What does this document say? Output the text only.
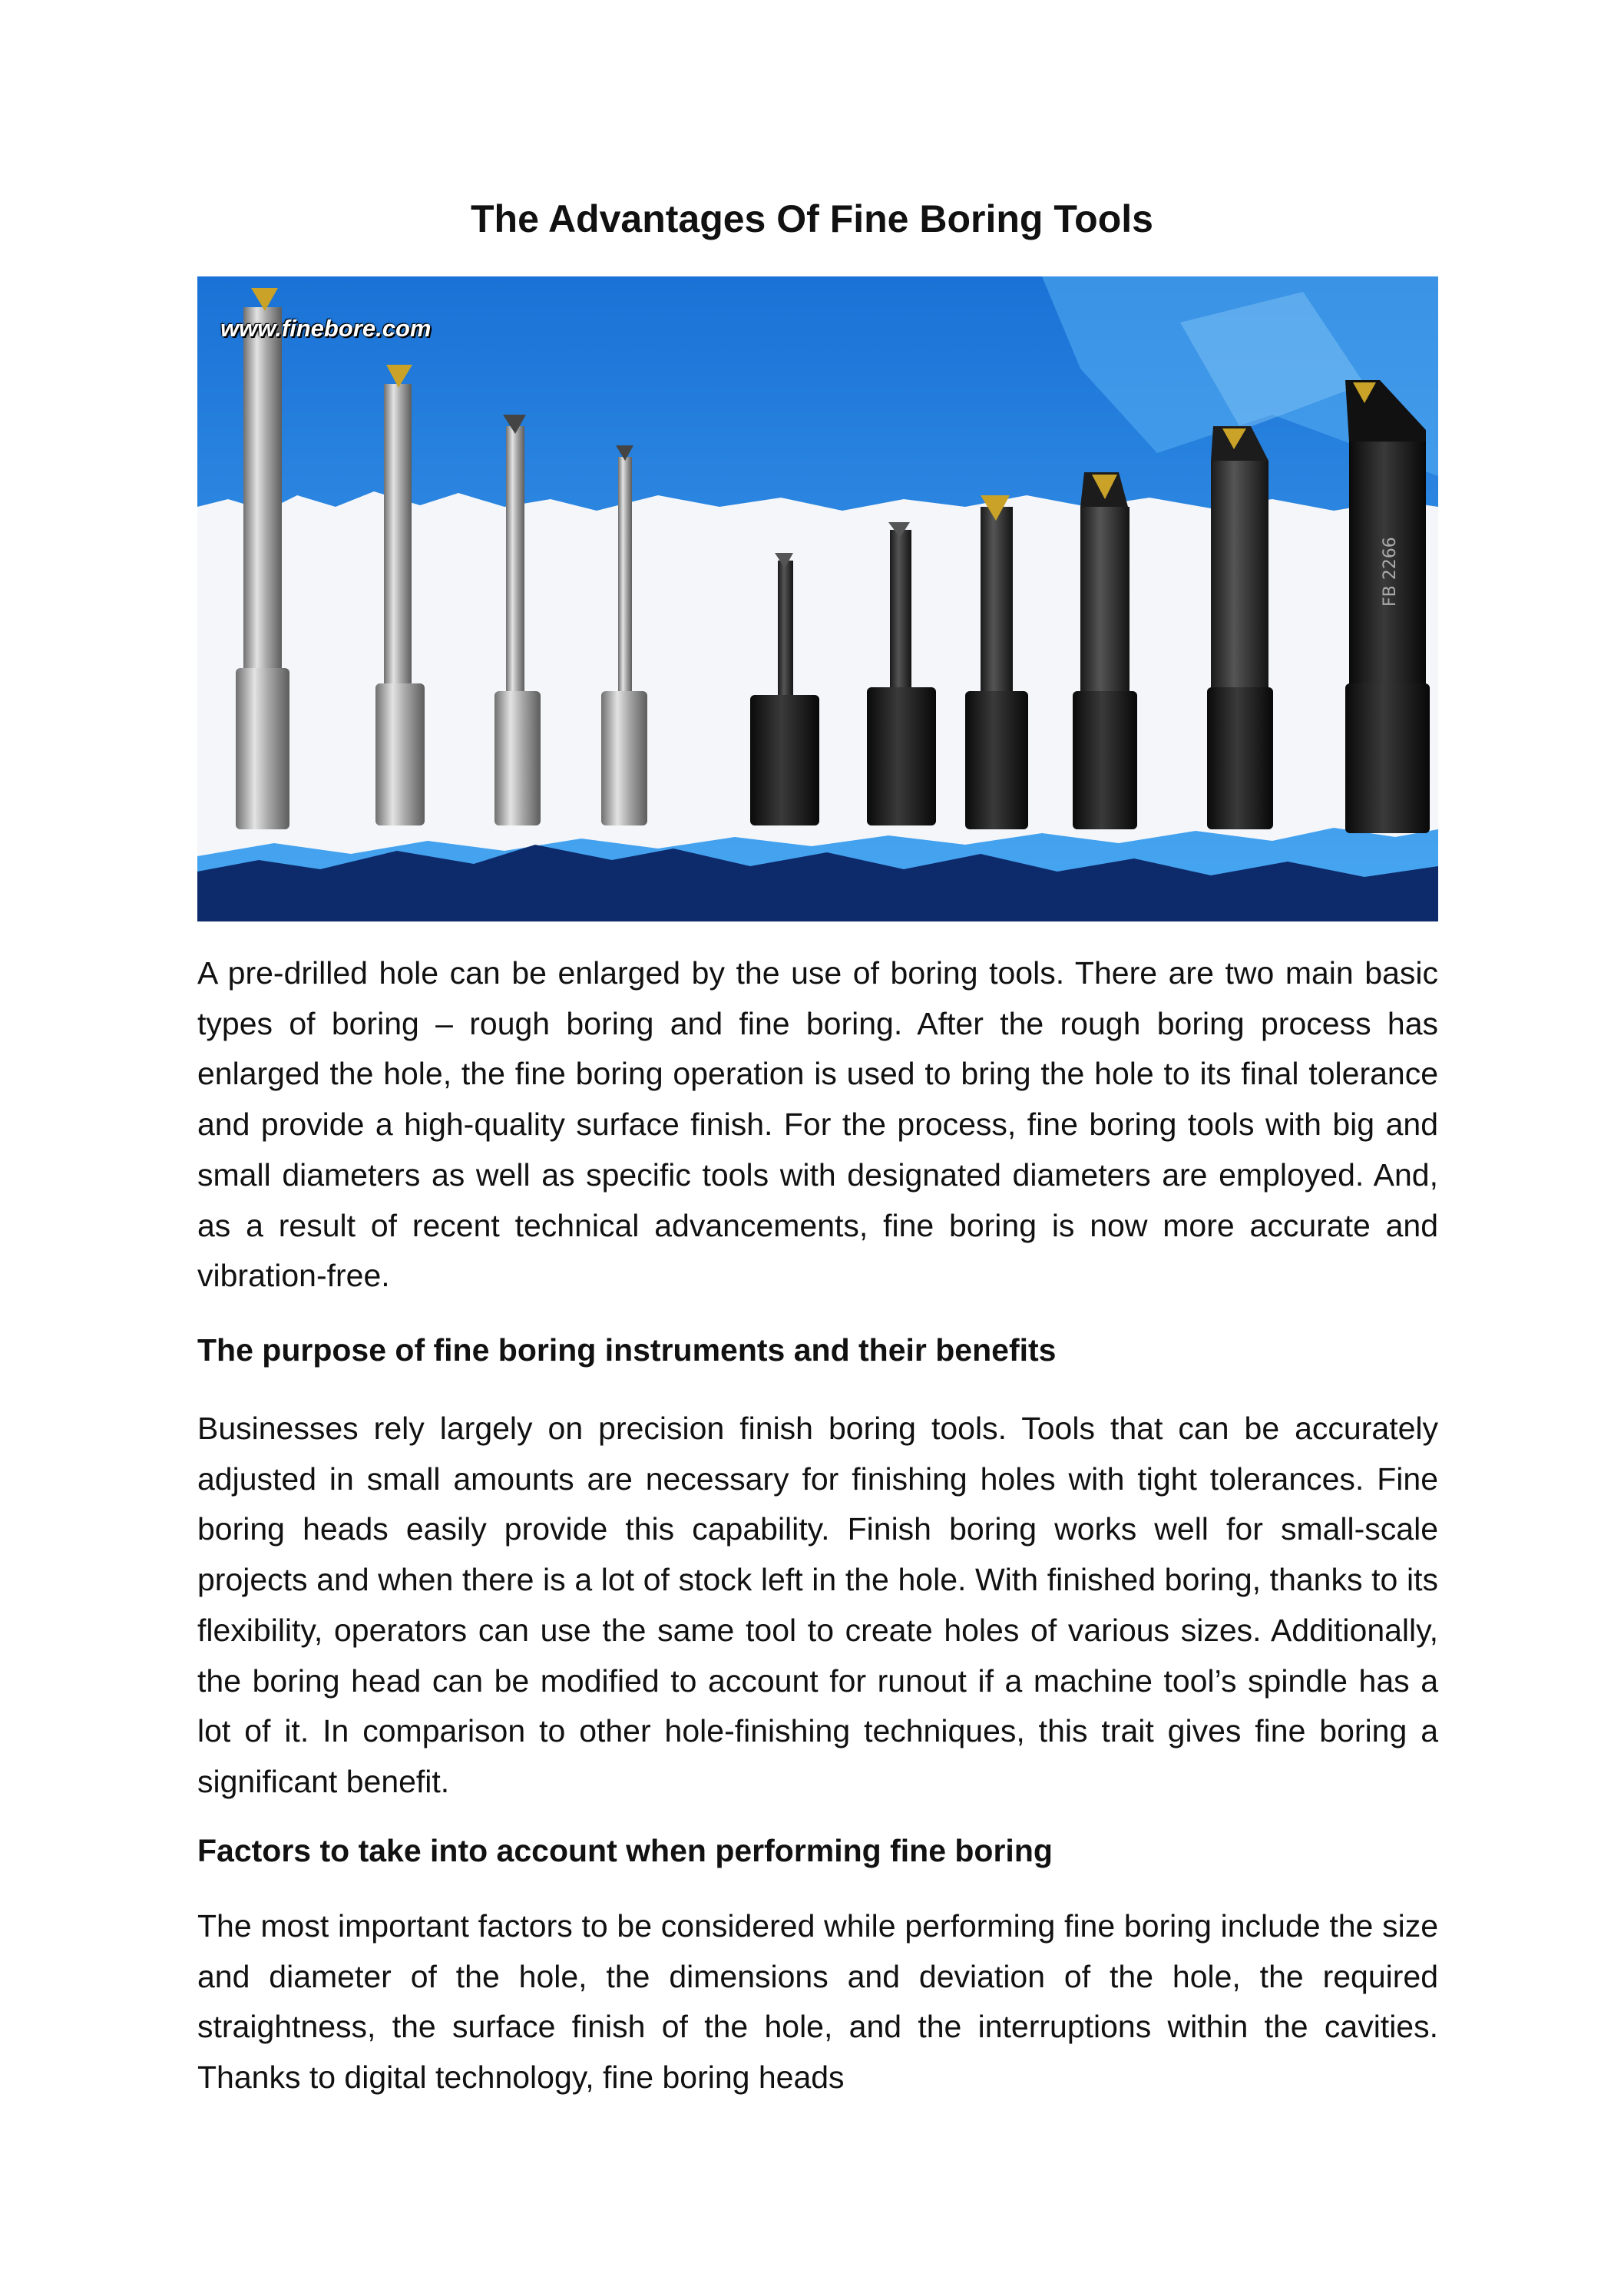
The Advantages Of Fine Boring Tools
FB 2266
www.finebore.com

A pre-drilled hole can be enlarged by the use of boring tools. There are two main basic types of boring – rough boring and fine boring. After the rough boring process has enlarged the hole, the fine boring operation is used to bring the hole to its final tolerance and provide a high-quality surface finish. For the process, fine boring tools with big and small diameters as well as specific tools with designated diameters are employed. And, as a result of recent technical advancements, fine boring is now more accurate and vibration-free.

The purpose of fine boring instruments and their benefits

Businesses rely largely on precision finish boring tools. Tools that can be accurately adjusted in small amounts are necessary for finishing holes with tight tolerances. Fine boring heads easily provide this capability. Finish boring works well for small-scale projects and when there is a lot of stock left in the hole. With finished boring, thanks to its flexibility, operators can use the same tool to create holes of various sizes. Additionally, the boring head can be modified to account for runout if a machine tool’s spindle has a lot of it. In comparison to other hole-finishing techniques, this trait gives fine boring a significant benefit.

Factors to take into account when performing fine boring

The most important factors to be considered while performing fine boring include the size and diameter of the hole, the dimensions and deviation of the hole, the required straightness, the surface finish of the hole, and the interruptions within the cavities. Thanks to digital technology, fine boring heads
